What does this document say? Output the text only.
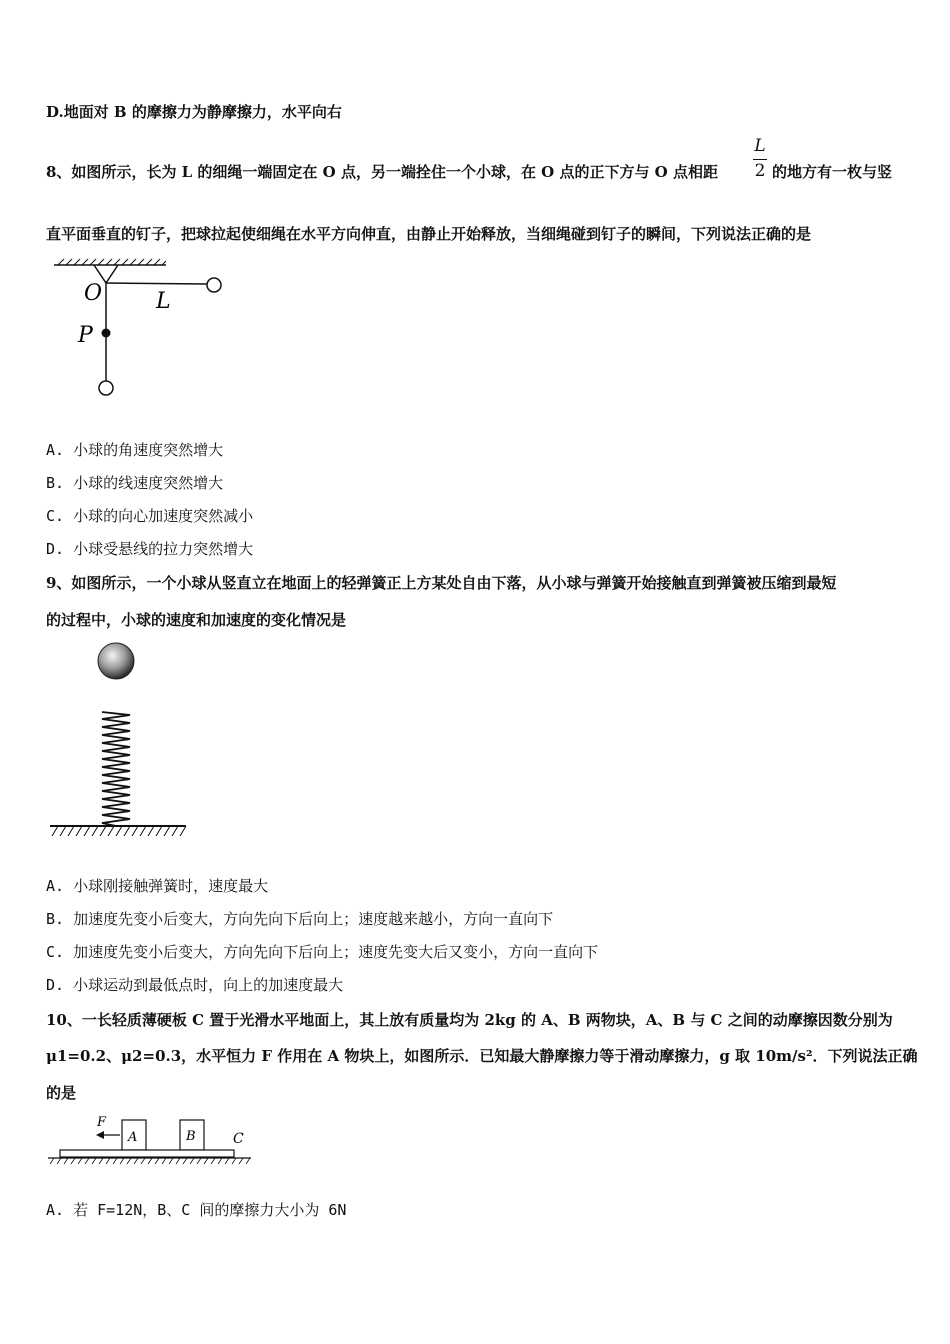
D.地面对 B 的摩擦力为静摩擦力，水平向右
8、如图所示，长为 L 的细绳一端固定在 O 点，另一端拴住一个小球，在 O 点的正下方与 O 点相距
L
2 的地方有一枚与竖
直平面垂直的钉子，把球拉起使细绳在水平方向伸直，由静止开始释放，当细绳碰到钉子的瞬间，下列说法正确的是
O L
P
A. 小球的角速度突然增大
B. 小球的线速度突然增大
C. 小球的向心加速度突然减小
D. 小球受悬线的拉力突然增大
9、如图所示，一个小球从竖直立在地面上的轻弹簧正上方某处自由下落，从小球与弹簧开始接触直到弹簧被压缩到最短
的过程中，小球的速度和加速度的变化情况是
A. 小球刚接触弹簧时，速度最大
B. 加速度先变小后变大，方向先向下后向上；速度越来越小，方向一直向下
C. 加速度先变小后变大，方向先向下后向上；速度先变大后又变小，方向一直向下
D. 小球运动到最低点时，向上的加速度最大
10、一长轻质薄硬板 C 置于光滑水平地面上，其上放有质量均为 2kg 的 A、B 两物块，A、B 与 C 之间的动摩擦因数分别为
μ1=0.2、μ2=0.3，水平恒力 F 作用在 A 物块上，如图所示．已知最大静摩擦力等于滑动摩擦力，g 取 10m/s²．下列说法正确
的是
F
A	B	C
A. 若 F=12N，B、C 间的摩擦力大小为 6N
